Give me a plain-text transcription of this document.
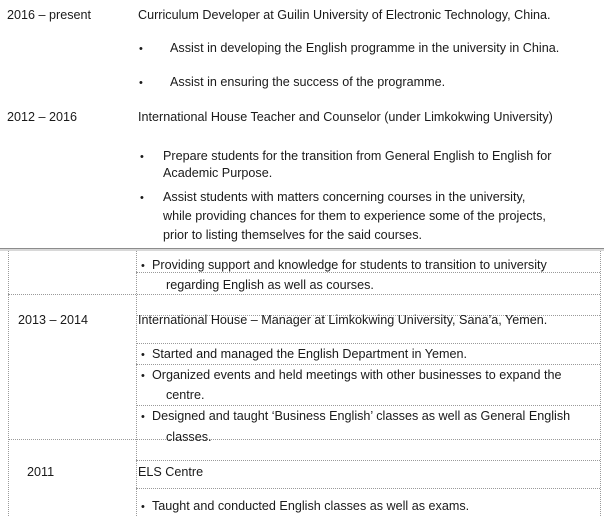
2016 – present	Curriculum Developer at Guilin University of Electronic Technology, China.
• Assist in developing the English programme in the university in China.
• Assist in ensuring the success of the programme.
2012 – 2016	International House Teacher and Counselor (under Limkokwing University)
• Prepare students for the transition from General English to English for
Academic Purpose.
• Assist students with matters concerning courses in the university,
while providing chances for them to experience some of the projects,
prior to listing themselves for the said courses.
• Providing support and knowledge for students to transition to university
regarding English as well as courses.
2013 – 2014	International House – Manager at Limkokwing University, Sana’a, Yemen.
• Started and managed the English Department in Yemen.
• Organized events and held meetings with other businesses to expand the
centre.
• Designed and taught ‘Business English’ classes as well as General English
classes.
2011	ELS Centre
• Taught and conducted English classes as well as exams.
